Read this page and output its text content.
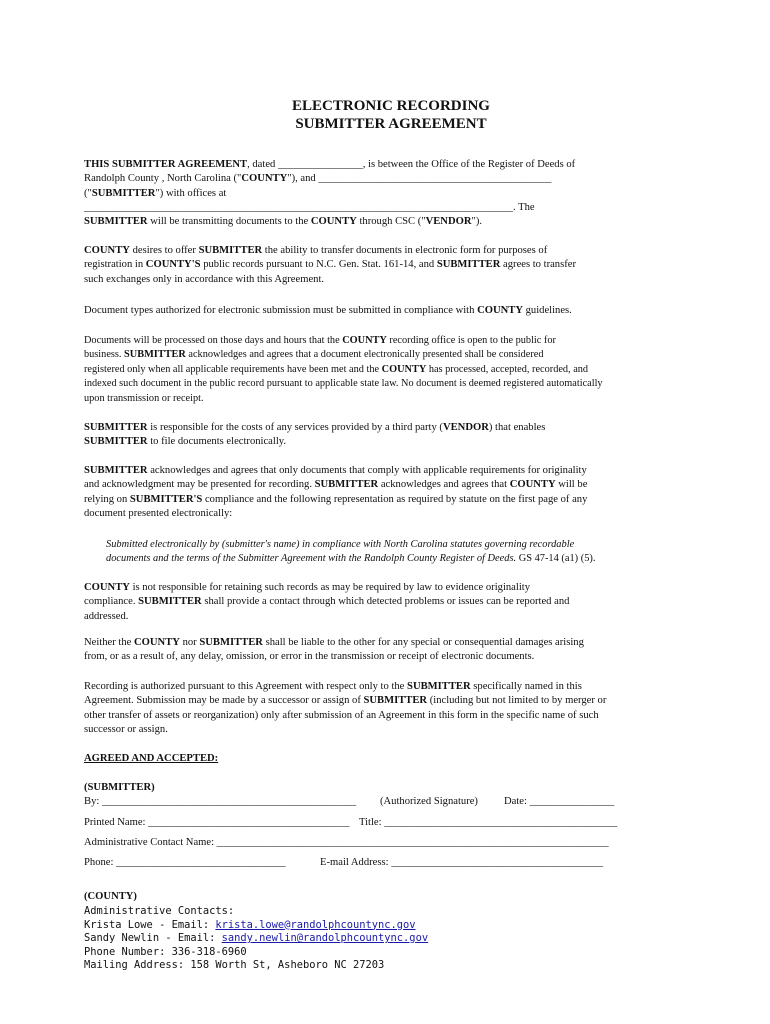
ELECTRONIC RECORDING
SUBMITTER AGREEMENT
THIS SUBMITTER AGREEMENT, dated ________________, is between the Office of the Register of Deeds of
Randolph County , North Carolina ("COUNTY"), and ____________________________________________
("SUBMITTER") with offices at
_________________________________________________________________________________. The
SUBMITTER will be transmitting documents to the COUNTY through CSC ("VENDOR").
COUNTY desires to offer SUBMITTER the ability to transfer documents in electronic form for purposes of
registration in COUNTY'S public records pursuant to N.C. Gen. Stat. 161-14, and SUBMITTER agrees to transfer
such exchanges only in accordance with this Agreement.
Document types authorized for electronic submission must be submitted in compliance with COUNTY guidelines.
Documents will be processed on those days and hours that the COUNTY recording office is open to the public for
business. SUBMITTER acknowledges and agrees that a document electronically presented shall be considered
registered only when all applicable requirements have been met and the COUNTY has processed, accepted, recorded, and
indexed such document in the public record pursuant to applicable state law. No document is deemed registered automatically
upon transmission or receipt.
SUBMITTER is responsible for the costs of any services provided by a third party (VENDOR) that enables
SUBMITTER to file documents electronically.
SUBMITTER acknowledges and agrees that only documents that comply with applicable requirements for originality
and acknowledgment may be presented for recording. SUBMITTER acknowledges and agrees that COUNTY will be
relying on SUBMITTER'S compliance and the following representation as required by statute on the first page of any
document presented electronically:
Submitted electronically by (submitter's name) in compliance with North Carolina statutes governing recordable
documents and the terms of the Submitter Agreement with the Randolph County Register of Deeds. GS 47-14 (a1) (5).
COUNTY is not responsible for retaining such records as may be required by law to evidence originality
compliance. SUBMITTER shall provide a contact through which detected problems or issues can be reported and
addressed.
Neither the COUNTY nor SUBMITTER shall be liable to the other for any special or consequential damages arising
from, or as a result of, any delay, omission, or error in the transmission or receipt of electronic documents.
Recording is authorized pursuant to this Agreement with respect only to the SUBMITTER specifically named in this
Agreement. Submission may be made by a successor or assign of SUBMITTER (including but not limited to by merger or
other transfer of assets or reorganization) only after submission of an Agreement in this form in the specific name of such
successor or assign.
AGREED AND ACCEPTED:
(SUBMITTER)
By: ________________________________________________ (Authorized Signature) Date: ________________
Printed Name: ______________________________________ Title: ____________________________________________
Administrative Contact Name: __________________________________________________________________________
Phone: ________________________________	E-mail Address: ________________________________________
(COUNTY)
Administrative Contacts:
Krista Lowe - Email: krista.lowe@randolphcountync.gov
Sandy Newlin - Email: sandy.newlin@randolphcountync.gov
Phone Number: 336-318-6960
Mailing Address: 158 Worth St, Asheboro NC 27203
